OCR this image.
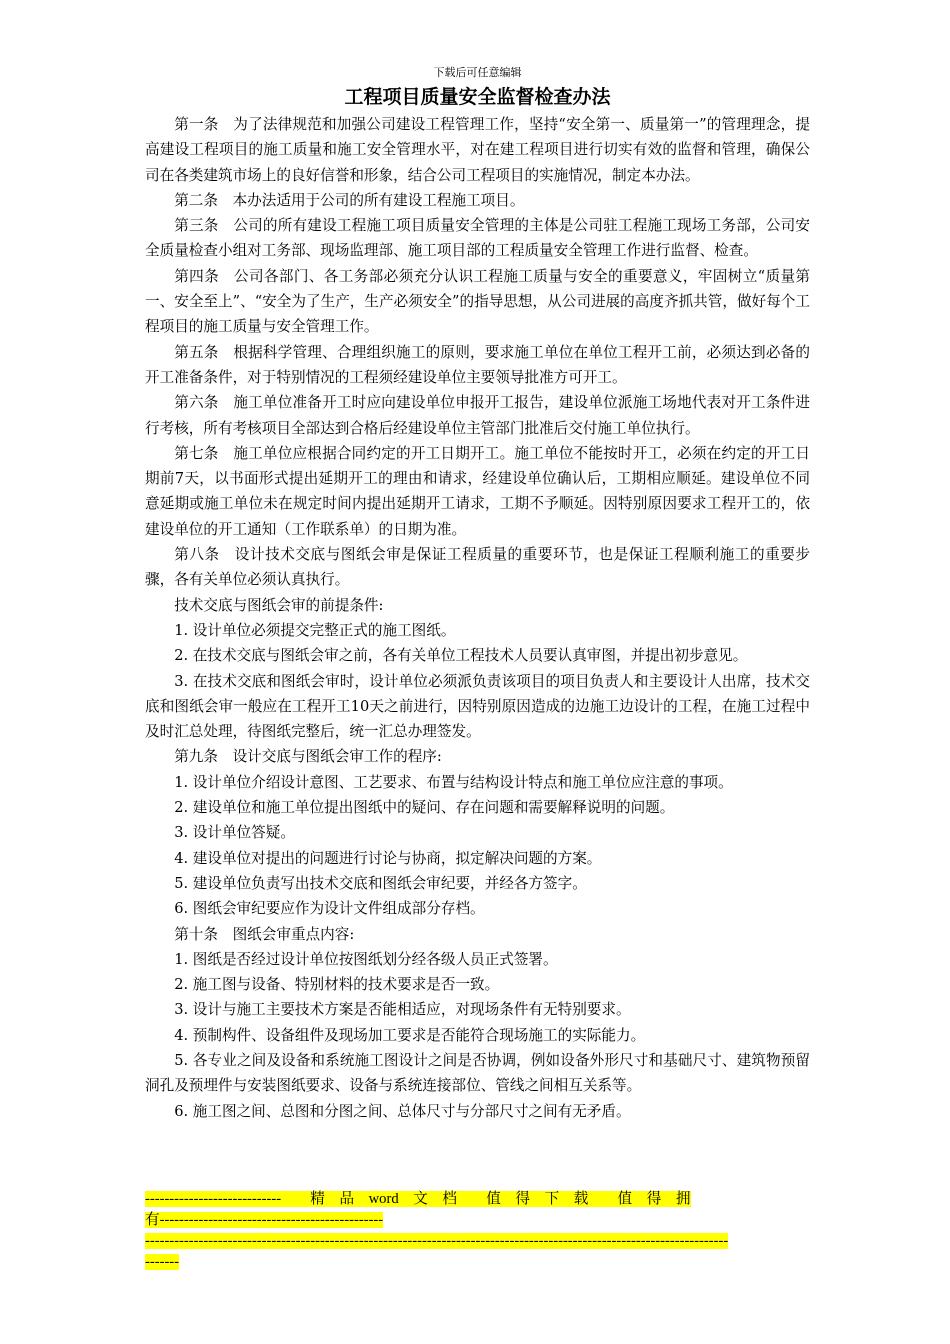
下载后可任意编辑
工程项目质量安全监督检查办法

第一条　为了法律规范和加强公司建设工程管理工作，坚持“安全第一、质量第一”的管理理念，提高建设工程项目的施工质量和施工安全管理水平，对在建工程项目进行切实有效的监督和管理，确保公司在各类建筑市场上的良好信誉和形象，结合公司工程项目的实施情况，制定本办法。

第二条　本办法适用于公司的所有建设工程施工项目。

第三条　公司的所有建设工程施工项目质量安全管理的主体是公司驻工程施工现场工务部，公司安全质量检查小组对工务部、现场监理部、施工项目部的工程质量安全管理工作进行监督、检查。

第四条　公司各部门、各工务部必须充分认识工程施工质量与安全的重要意义，牢固树立“质量第一、安全至上”、“安全为了生产，生产必须安全”的指导思想，从公司进展的高度齐抓共管，做好每个工程项目的施工质量与安全管理工作。

第五条　根据科学管理、合理组织施工的原则，要求施工单位在单位工程开工前，必须达到必备的开工准备条件，对于特别情况的工程须经建设单位主要领导批准方可开工。

第六条　施工单位准备开工时应向建设单位申报开工报告，建设单位派施工场地代表对开工条件进行考核，所有考核项目全部达到合格后经建设单位主管部门批准后交付施工单位执行。

第七条　施工单位应根据合同约定的开工日期开工。施工单位不能按时开工，必须在约定的开工日期前7天，以书面形式提出延期开工的理由和请求，经建设单位确认后，工期相应顺延。建设单位不同意延期或施工单位未在规定时间内提出延期开工请求，工期不予顺延。因特别原因要求工程开工的，依建设单位的开工通知（工作联系单）的日期为准。

第八条　设计技术交底与图纸会审是保证工程质量的重要环节，也是保证工程顺利施工的重要步骤，各有关单位必须认真执行。

技术交底与图纸会审的前提条件:

1. 设计单位必须提交完整正式的施工图纸。

2. 在技术交底与图纸会审之前，各有关单位工程技术人员要认真审图，并提出初步意见。

3. 在技术交底和图纸会审时，设计单位必须派负责该项目的项目负责人和主要设计人出席，技术交底和图纸会审一般应在工程开工10天之前进行，因特别原因造成的边施工边设计的工程，在施工过程中及时汇总处理，待图纸完整后，统一汇总办理签发。

第九条　设计交底与图纸会审工作的程序:

1. 设计单位介绍设计意图、工艺要求、布置与结构设计特点和施工单位应注意的事项。

2. 建设单位和施工单位提出图纸中的疑问、存在问题和需要解释说明的问题。

3. 设计单位答疑。

4. 建设单位对提出的问题进行讨论与协商，拟定解决问题的方案。

5. 建设单位负责写出技术交底和图纸会审纪要，并经各方签字。

6. 图纸会审纪要应作为设计文件组成部分存档。

第十条　图纸会审重点内容:

1. 图纸是否经过设计单位按图纸划分经各级人员正式签署。

2. 施工图与设备、特别材料的技术要求是否一致。

3. 设计与施工主要技术方案是否能相适应，对现场条件有无特别要求。

4. 预制构件、设备组件及现场加工要求是否能符合现场施工的实际能力。

5. 各专业之间及设备和系统施工图设计之间是否协调，例如设备外形尺寸和基础尺寸、建筑物预留洞孔及预埋件与安装图纸要求、设备与系统连接部位、管线之间相互关系等。

6. 施工图之间、总图和分图之间、总体尺寸与分部尺寸之间有无矛盾。

----------------------------　　精　品　word　文　档　　值　得　下　载　　值　得　拥
有----------------------------------------------
------------------------------------------------------------------------------------------------------------------------
-------
